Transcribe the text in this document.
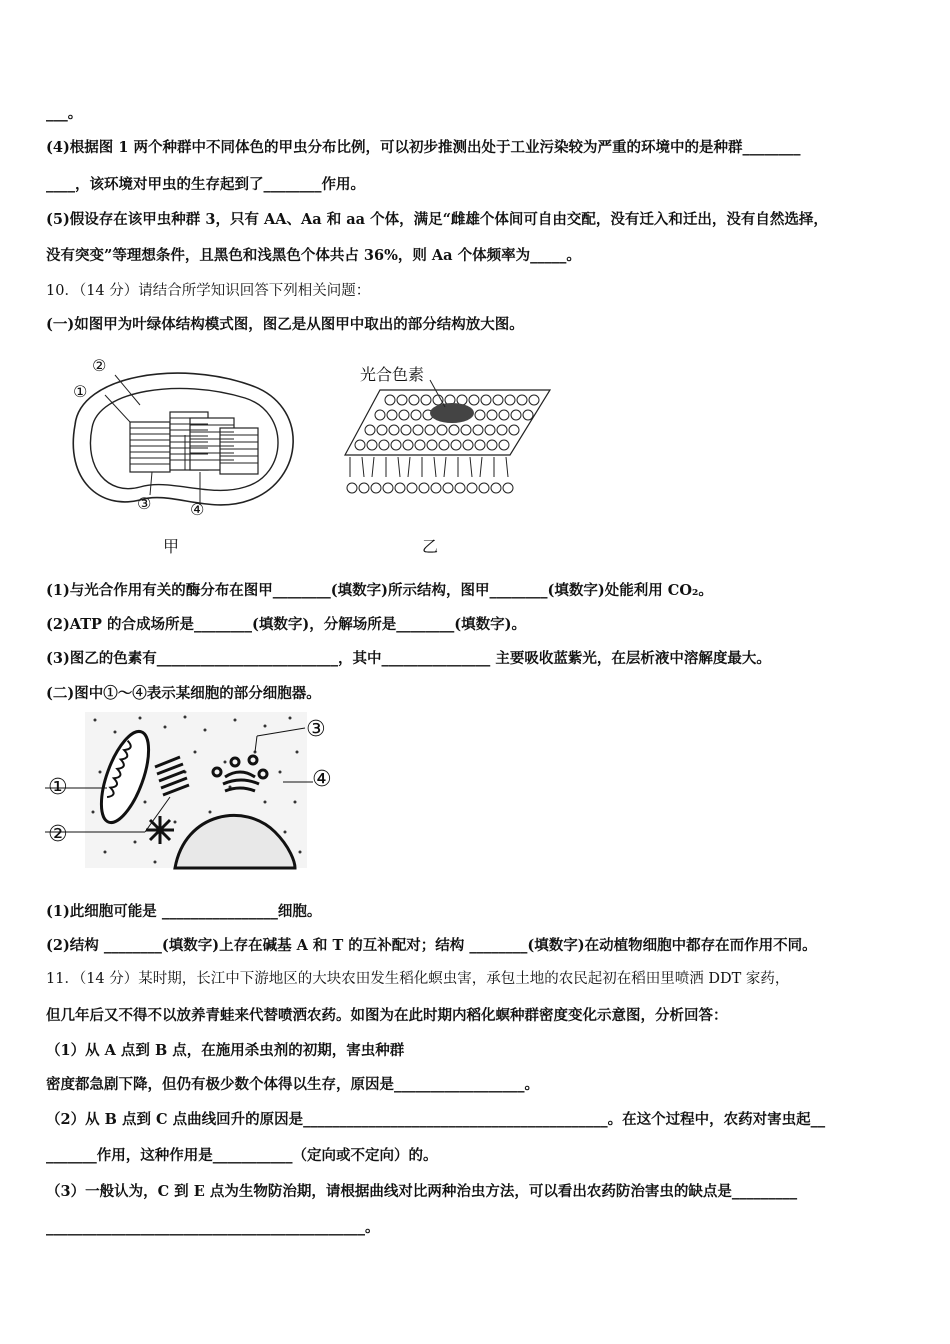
___。
(4)根据图 1 两个种群中不同体色的甲虫分布比例，可以初步推测出处于工业污染较为严重的环境中的是种群________
____，该环境对甲虫的生存起到了________作用。
(5)假设存在该甲虫种群 3，只有 AA、Aa 和 aa 个体，满足“雌雄个体间可自由交配，没有迁入和迁出，没有自然选择，
没有突变”等理想条件，且黑色和浅黑色个体共占 36%，则 Aa 个体频率为_____。
10．（14 分）请结合所学知识回答下列相关问题：
(一)如图甲为叶绿体结构模式图，图乙是从图甲中取出的部分结构放大图。
②
①
③ ④
甲
光合色素
乙
(1)与光合作用有关的酶分布在图甲________(填数字)所示结构，图甲________(填数字)处能利用 CO₂。
(2)ATP 的合成场所是________(填数字)，分解场所是________(填数字)。
(3)图乙的色素有_________________________，其中_______________ 主要吸收蓝紫光，在层析液中溶解度最大。
(二)图中①～④表示某细胞的部分细胞器。
①
②
③
④
(1)此细胞可能是 ________________细胞。
(2)结构 ________(填数字)上存在碱基 A 和 T 的互补配对；结构 ________(填数字)在动植物细胞中都存在而作用不同。
11．（14 分）某时期，长江中下游地区的大块农田发生稻化螟虫害，承包土地的农民起初在稻田里喷洒 DDT 家药，
但几年后又不得不以放养青蛙来代替喷洒农药。如图为在此时期内稻化螟种群密度变化示意图，分析回答：
（1）从 A 点到 B 点，在施用杀虫剂的初期，害虫种群
密度都急剧下降，但仍有极少数个体得以生存，原因是__________________。
（2）从 B 点到 C 点曲线回升的原因是__________________________________________。在这个过程中，农药对害虫起__
_______作用，这种作用是___________（定向或不定向）的。
（3）一般认为，C 到 E 点为生物防治期，请根据曲线对比两种治虫方法，可以看出农药防治害虫的缺点是_________
____________________________________________。
